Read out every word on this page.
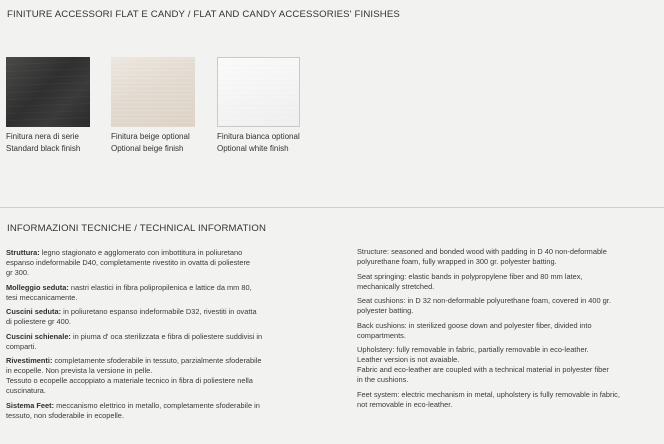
FINITURE ACCESSORI FLAT E CANDY / FLAT AND CANDY ACCESSORIES' FINISHES
Finitura nera di serie
Standard black finish
Finitura beige optional
Optional beige finish
Finitura bianca optional
Optional white finish
INFORMAZIONI TECNICHE / TECHNICAL INFORMATION
Struttura: legno stagionato e agglomerato con imbottitura in poliuretano
espanso indeformabile D40, completamente rivestito in ovatta di poliestere
gr 300.
Molleggio seduta: nastri elastici in fibra polipropilenica e lattice da mm 80,
tesi meccanicamente.
Cuscini seduta: in poliuretano espanso indeformabile D32, rivestiti in ovatta
di poliestere gr 400.
Cuscini schienale: in piuma d' oca sterilizzata e fibra di poliestere suddivisi in
comparti.
Rivestimenti: completamente sfoderabile in tessuto, parzialmente sfoderabile
in ecopelle. Non prevista la versione in pelle.
Tessuto o ecopelle accoppiato a materiale tecnico in fibra di poliestere nella
cuscinatura.
Sistema Feet: meccanismo elettrico in metallo, completamente sfoderabile in
tessuto, non sfoderabile in ecopelle.
Structure: seasoned and bonded wood with padding in D 40 non-deformable
polyurethane foam, fully wrapped in 300 gr. polyester batting.
Seat springing: elastic bands in polypropylene fiber and 80 mm latex,
mechanically stretched.
Seat cushions: in D 32 non-deformable polyurethane foam, covered in 400 gr.
polyester batting.
Back cushions: in sterilized goose down and polyester fiber, divided into
compartments.
Upholstery: fully removable in fabric, partially removable in eco-leather.
Leather version is not avaiable.
Fabric and eco-leather are coupled with a technical material in polyester fiber
in the cushions.
Feet system: electric mechanism in metal, upholstery is fully removable in fabric,
not removable in eco-leather.
